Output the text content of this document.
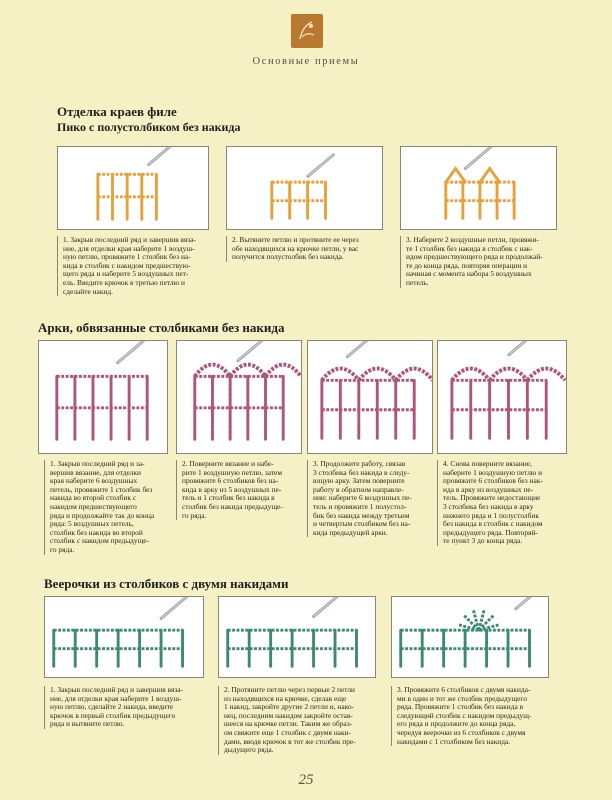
Основные приемы
Отделка краев филе
Пико с полустолбиком без накида
1. Закрыв последний ряд и завершив вяза-
ние, для отделки края наберите 1 воздуш-
ную петлю, провяжите 1 столбик без на-
кида в столбик с накидом предшествую-
щего ряда и наберите 5 воздушных пет-
ель. Введите крючок в третью петлю и
сделайте накид.
2. Вытяните петлю и протяните ее через
обе находящихся на крючке петли, у вас
получится полустолбик без накида.
3. Наберите 2 воздушные петли, провяжи-
те 1 столбик без накида в столбик с нак-
идом предшествующего ряда и продолжай-
те до конца ряда, повторяя операции и
начиная с момента набора 5 воздушных
петель.
Арки, обвязанные столбиками без накида
1. Закрыв последний ряд и за-
вершив вязание, для отделки
края наберите 6 воздушных
петель, провяжите 1 столбик без
накида во второй столбик с
накидом предшествующего
ряда и продолжайте так до конца
ряда: 5 воздушных петель,
столбик без накида во второй
столбик с накидом предыдуще-
го ряда.
2. Поверните вязание и набе-
рите 1 воздушную петлю, затем
провяжите 6 столбиков без на-
кида в арку из 5 воздушных пе-
тель и 1 столбик без накида в
столбик без накида предыдуще-
го ряда.
3. Продолжите работу, связав
3 столбика без накида в следу-
ющую арку. Затем поверните
работу в обратном направле-
нии: наберите 6 воздушных пе-
тель и провяжите 1 полустол-
бик без накида между третьим
и четвертым столбиком без на-
кида предыдущей арки.
4. Снова поверните вязание,
наберите 1 воздушную петлю и
провяжите 6 столбиков без нак-
ида в арку из воздушных пе-
тель. Провяжите недостающие
3 столбика без накида в арку
нижнего ряда и 1 полустолбик
без накида в столбик с накидом
предыдущего ряда. Повторяй-
те пункт 3 до конца ряда.
Веерочки из столбиков с двумя накидами
1. Закрыв последний ряд и завершив вяза-
ние, для отделки края наберите 1 воздуш-
ную петлю, сделайте 2 накида, введите
крючок в первый столбик предыдущего
ряда и вытяните петлю.
2. Протяните петлю через первые 2 петли
из находящихся на крючке, сделав еще
1 накид, закройте другие 2 петли и, нако-
нец, последним накидом закройте остав-
шееся на крючке петли. Таким же образ-
ом свяжите еще 1 столбик с двумя наки-
дами, вводя крючок в тот же столбик пре-
дыдущего ряда.
3. Провяжите 6 столбиков с двумя накида-
ми в один и тот же столбик предыдущего
ряда. Провяжите 1 столбик без накида в
следующий столбик с накидом предыдущ-
его ряда и продолжите до конца ряда,
чередуя веерочки из 6 столбиков с двумя
накидами с 1 столбиком без накида.
25
